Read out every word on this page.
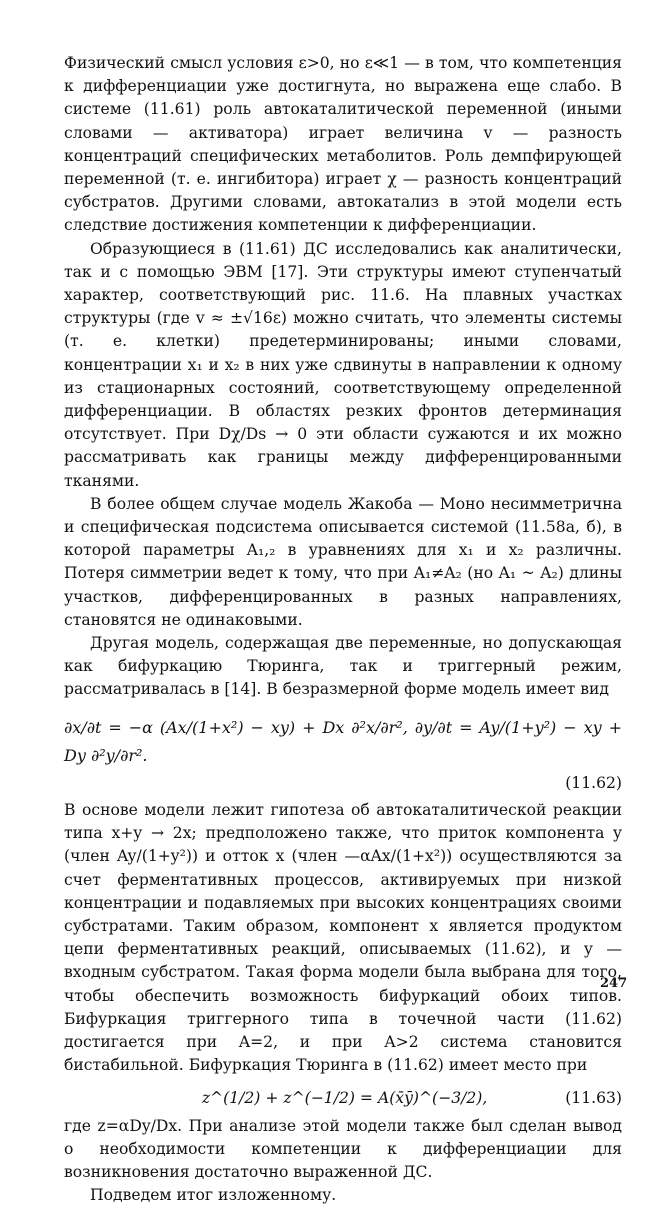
Физический смысл условия ε>0, но ε≪1 — в том, что компетенция к дифференциации уже достигнута, но выражена еще слабо. В системе (11.61) роль автокаталитической переменной (иными словами — активатора) играет величина v — разность концентраций специфических метаболитов. Роль демпфирующей переменной (т. е. ингибитора) играет χ — разность концентраций субстратов. Другими словами, автокатализ в этой модели есть следствие достижения компетенции к дифференциации.

Образующиеся в (11.61) ДС исследовались как аналитически, так и с помощью ЭВМ [17]. Эти структуры имеют ступенчатый характер, соответствующий рис. 11.6. На плавных участках структуры (где v ≈ ±√16ε) можно считать, что элементы системы (т. е. клетки) предетерминированы; иными словами, концентрации x₁ и x₂ в них уже сдвинуты в направлении к одному из стационарных состояний, соответствующему определенной дифференциации. В областях резких фронтов детерминация отсутствует. При Dχ/Ds → 0 эти области сужаются и их можно рассматривать как границы между дифференцированными тканями.

В более общем случае модель Жакоба — Моно несимметрична и специфическая подсистема описывается системой (11.58а, б), в которой параметры A₁,₂ в уравнениях для x₁ и x₂ различны. Потеря симметрии ведет к тому, что при A₁≠A₂ (но A₁ ~ A₂) длины участков, дифференцированных в разных направлениях, становятся не одинаковыми.

Другая модель, содержащая две переменные, но допускающая как бифуркацию Тюринга, так и триггерный режим, рассматривалась в [14]. В безразмерной форме модель имеет вид

∂x/∂t = −α (Ax/(1+x²) − xy) + Dx ∂²x/∂r², ∂y/∂t = Ay/(1+y²) − xy + Dy ∂²y/∂r².
(11.62)

В основе модели лежит гипотеза об автокаталитической реакции типа x+y → 2x; предположено также, что приток компонента y (член Ay/(1+y²)) и отток x (член —αAx/(1+x²)) осуществляются за счет ферментативных процессов, активируемых при низкой концентрации и подавляемых при высоких концентрациях своими субстратами. Таким образом, компонент x является продуктом цепи ферментативных реакций, описываемых (11.62), и y — входным субстратом. Такая форма модели была выбрана для того, чтобы обеспечить возможность бифуркаций обоих типов. Бифуркация триггерного типа в точечной части (11.62) достигается при A=2, и при A>2 система становится бистабильной. Бифуркация Тюринга в (11.62) имеет место при

z^(1/2) + z^(−1/2) = A(x̄ȳ)^(−3/2),	(11.63)

где z=αDy/Dx. При анализе этой модели также был сделан вывод о необходимости компетенции к дифференциации для возникновения достаточно выраженной ДС.

Подведем итог изложенному.

247
